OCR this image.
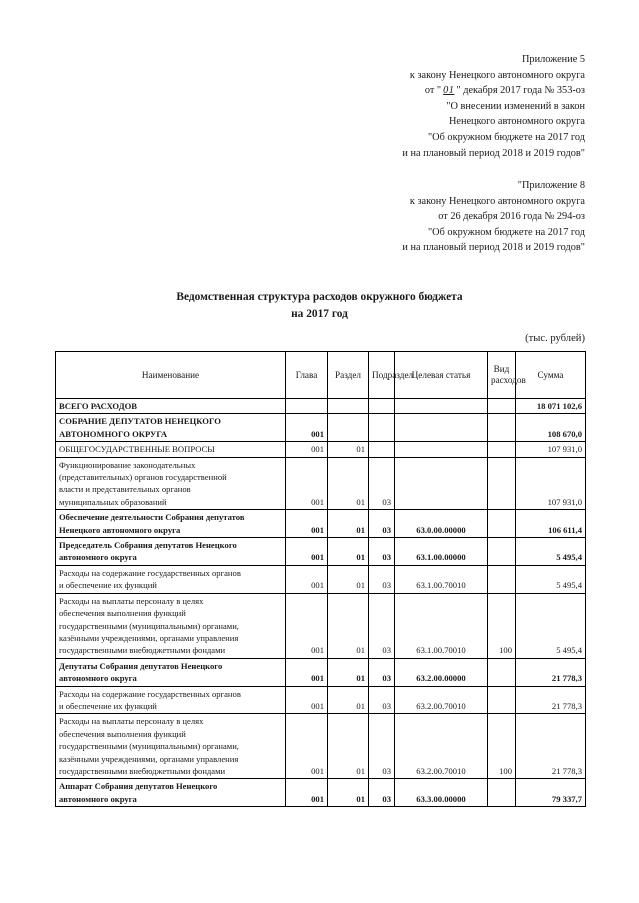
Приложение 5
к закону Ненецкого автономного округа
от " 01 " декабря 2017 года № 353-оз
"О внесении изменений в закон
Ненецкого автономного округа
"Об окружном бюджете на 2017 год
и на плановый период 2018 и 2019 годов"
"Приложение 8
к закону Ненецкого автономного округа
от 26 декабря 2016 года № 294-оз
"Об окружном бюджете на 2017 год
и на плановый период 2018 и 2019 годов"
Ведомственная структура расходов окружного бюджета
на 2017 год
(тыс. рублей)
Наименование	Глава	Раздел	Подраздел	Целевая статья	Вид расходов	Сумма

ВСЕГО РАСХОДОВ						18 071 102,6

СОБРАНИЕ ДЕПУТАТОВ НЕНЕЦКОГО
АВТОНОМНОГО ОКРУГА	001					108 670,0

ОБЩЕГОСУДАРСТВЕННЫЕ ВОПРОСЫ	001	01				107 931,0

Функционирование законодательных
(представительных) органов государственной
власти и представительных органов
муниципальных образований	001	01	03			107 931,0

Обеспечение деятельности Собрания депутатов
Ненецкого автономного округа	001	01	03	63.0.00.00000		106 611,4

Председатель Собрания депутатов Ненецкого
автономного округа	001	01	03	63.1.00.00000		5 495,4

Расходы на содержание государственных органов
и обеспечение их функций	001	01	03	63.1.00.70010		5 495,4

Расходы на выплаты персоналу в целях
обеспечения выполнения функций
государственными (муниципальными) органами,
казёнными учреждениями, органами управления
государственными внебюджетными фондами	001	01	03	63.1.00.70010	100	5 495,4

Депутаты Собрания депутатов Ненецкого
автономного округа	001	01	03	63.2.00.00000		21 778,3

Расходы на содержание государственных органов
и обеспечение их функций	001	01	03	63.2.00.70010		21 778,3

Расходы на выплаты персоналу в целях
обеспечения выполнения функций
государственными (муниципальными) органами,
казёнными учреждениями, органами управления
государственными внебюджетными фондами	001	01	03	63.2.00.70010	100	21 778,3

Аппарат Собрания депутатов Ненецкого
автономного округа	001	01	03	63.3.00.00000		79 337,7
